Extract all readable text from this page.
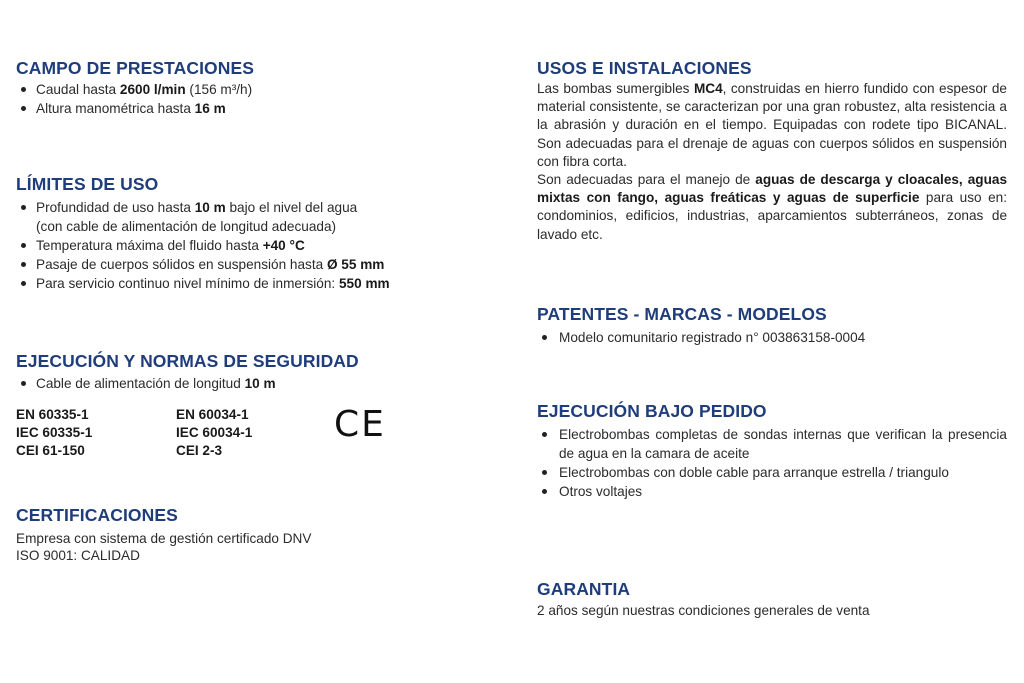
CAMPO DE PRESTACIONES
Caudal hasta 2600 l/min (156 m³/h)
Altura manométrica hasta 16 m
LÍMITES DE USO
Profundidad de uso hasta 10 m bajo el nivel del agua
(con cable de alimentación de longitud adecuada)
Temperatura máxima del fluido hasta +40 °C
Pasaje de cuerpos sólidos en suspensión hasta Ø 55 mm
Para servicio continuo nivel mínimo de inmersión: 550 mm
EJECUCIÓN Y NORMAS DE SEGURIDAD
Cable de alimentación de longitud 10 m
EN 60335-1
IEC 60335-1
CEI 61-150
EN 60034-1
IEC 60034-1
CEI 2-3
CE
CERTIFICACIONES

Empresa con sistema de gestión certificado DNV

ISO 9001: CALIDAD

USOS E INSTALACIONES

Las bombas sumergibles MC4, construidas en hierro fundido con espesor de material consistente, se caracterizan por una gran robustez, alta resistencia a la abrasión y duración en el tiempo. Equipadas con rodete tipo BICANAL. Son adecuadas para el drenaje de aguas con cuerpos sólidos en suspensión con fibra corta.

Son adecuadas para el manejo de aguas de descarga y cloacales, aguas mixtas con fango, aguas freáticas y aguas de superficie para uso en: condominios, edificios, industrias, aparcamientos subterráneos, zonas de lavado etc.

PATENTES - MARCAS - MODELOS
Modelo comunitario registrado n° 003863158-0004
EJECUCIÓN BAJO PEDIDO
Electrobombas completas de sondas internas que verifican la presencia de agua en la camara de aceite
Electrobombas con doble cable para arranque estrella / triangulo
Otros voltajes
GARANTIA

2 años según nuestras condiciones generales de venta
